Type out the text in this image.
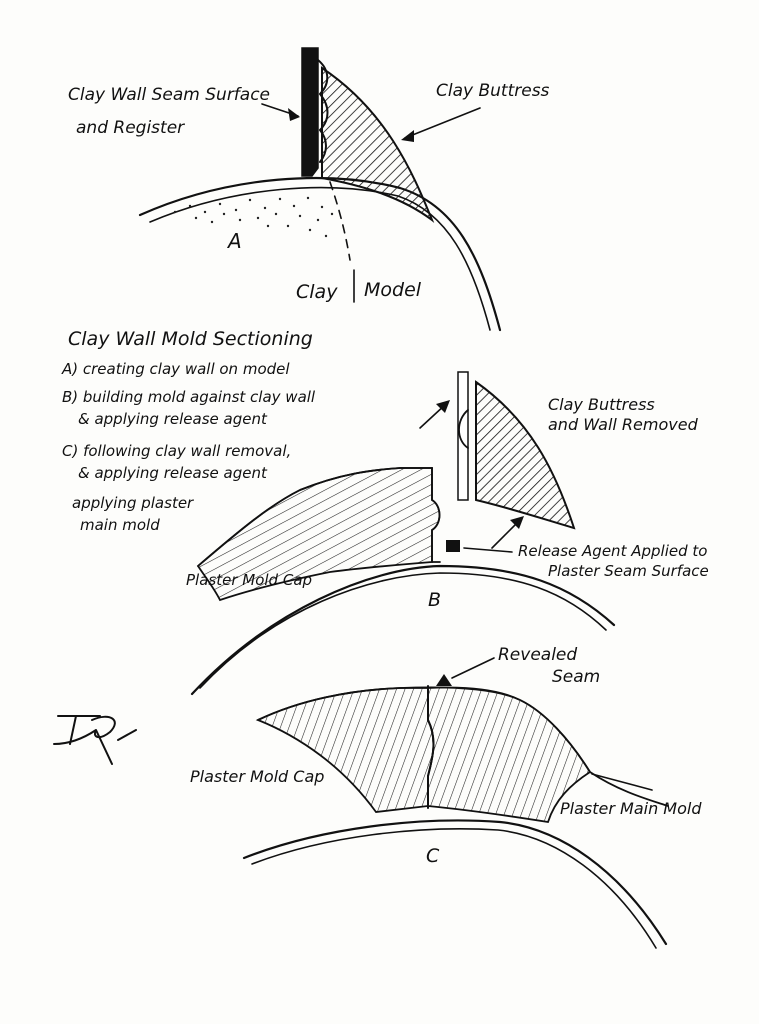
Clay Wall Seam Surface
and Register
Clay Buttress
Clay Model
A
Clay Wall Mold Sectioning
A) creating clay wall on model
B) building mold against clay wall
& applying release agent
C) following clay wall removal,
& applying release agent
applying plaster
main mold
Clay Buttress
and Wall Removed
Release Agent Applied to
Plaster Seam Surface
Plaster Mold Cap
B
Revealed
Seam
Plaster Mold Cap
Plaster Main Mold
C
